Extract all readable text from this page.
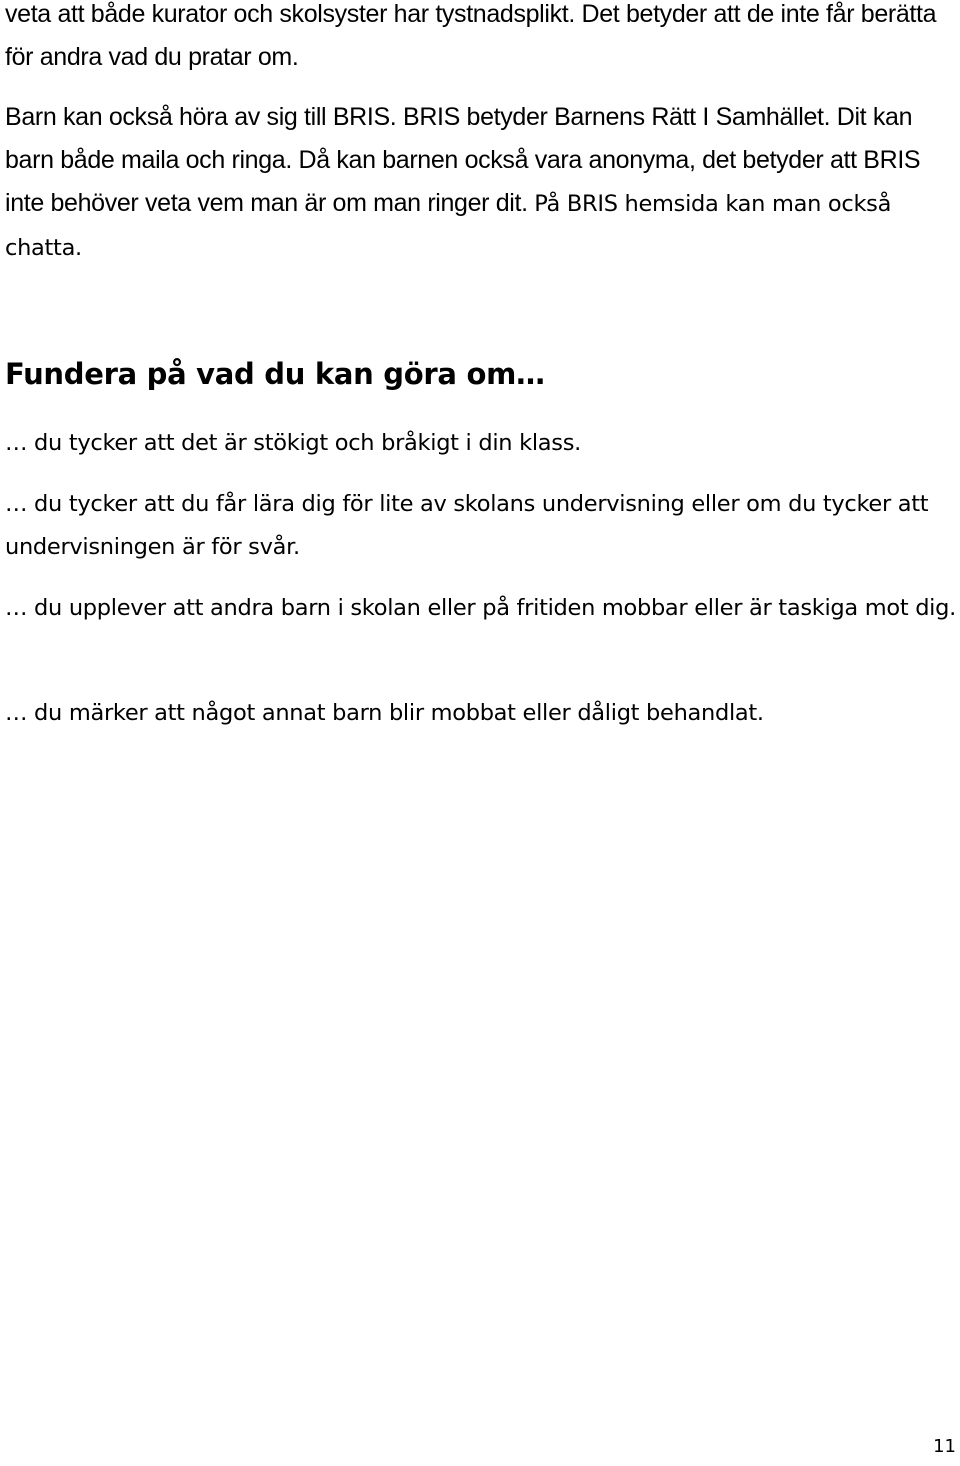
veta att både kurator och skolsyster har tystnadsplikt. Det betyder att de inte får berätta för andra vad du pratar om.

Barn kan också höra av sig till BRIS. BRIS betyder Barnens Rätt I Samhället. Dit kan barn både maila och ringa. Då kan barnen också vara anonyma, det betyder att BRIS inte behöver veta vem man är om man ringer dit. På BRIS hemsida kan man också chatta.

Fundera på vad du kan göra om…

… du tycker att det är stökigt och bråkigt i din klass.

… du tycker att du får lära dig för lite av skolans undervisning eller om du tycker att undervisningen är för svår.

… du upplever att andra barn i skolan eller på fritiden mobbar eller är taskiga mot dig.

… du märker att något annat barn blir mobbat eller dåligt behandlat.

11
